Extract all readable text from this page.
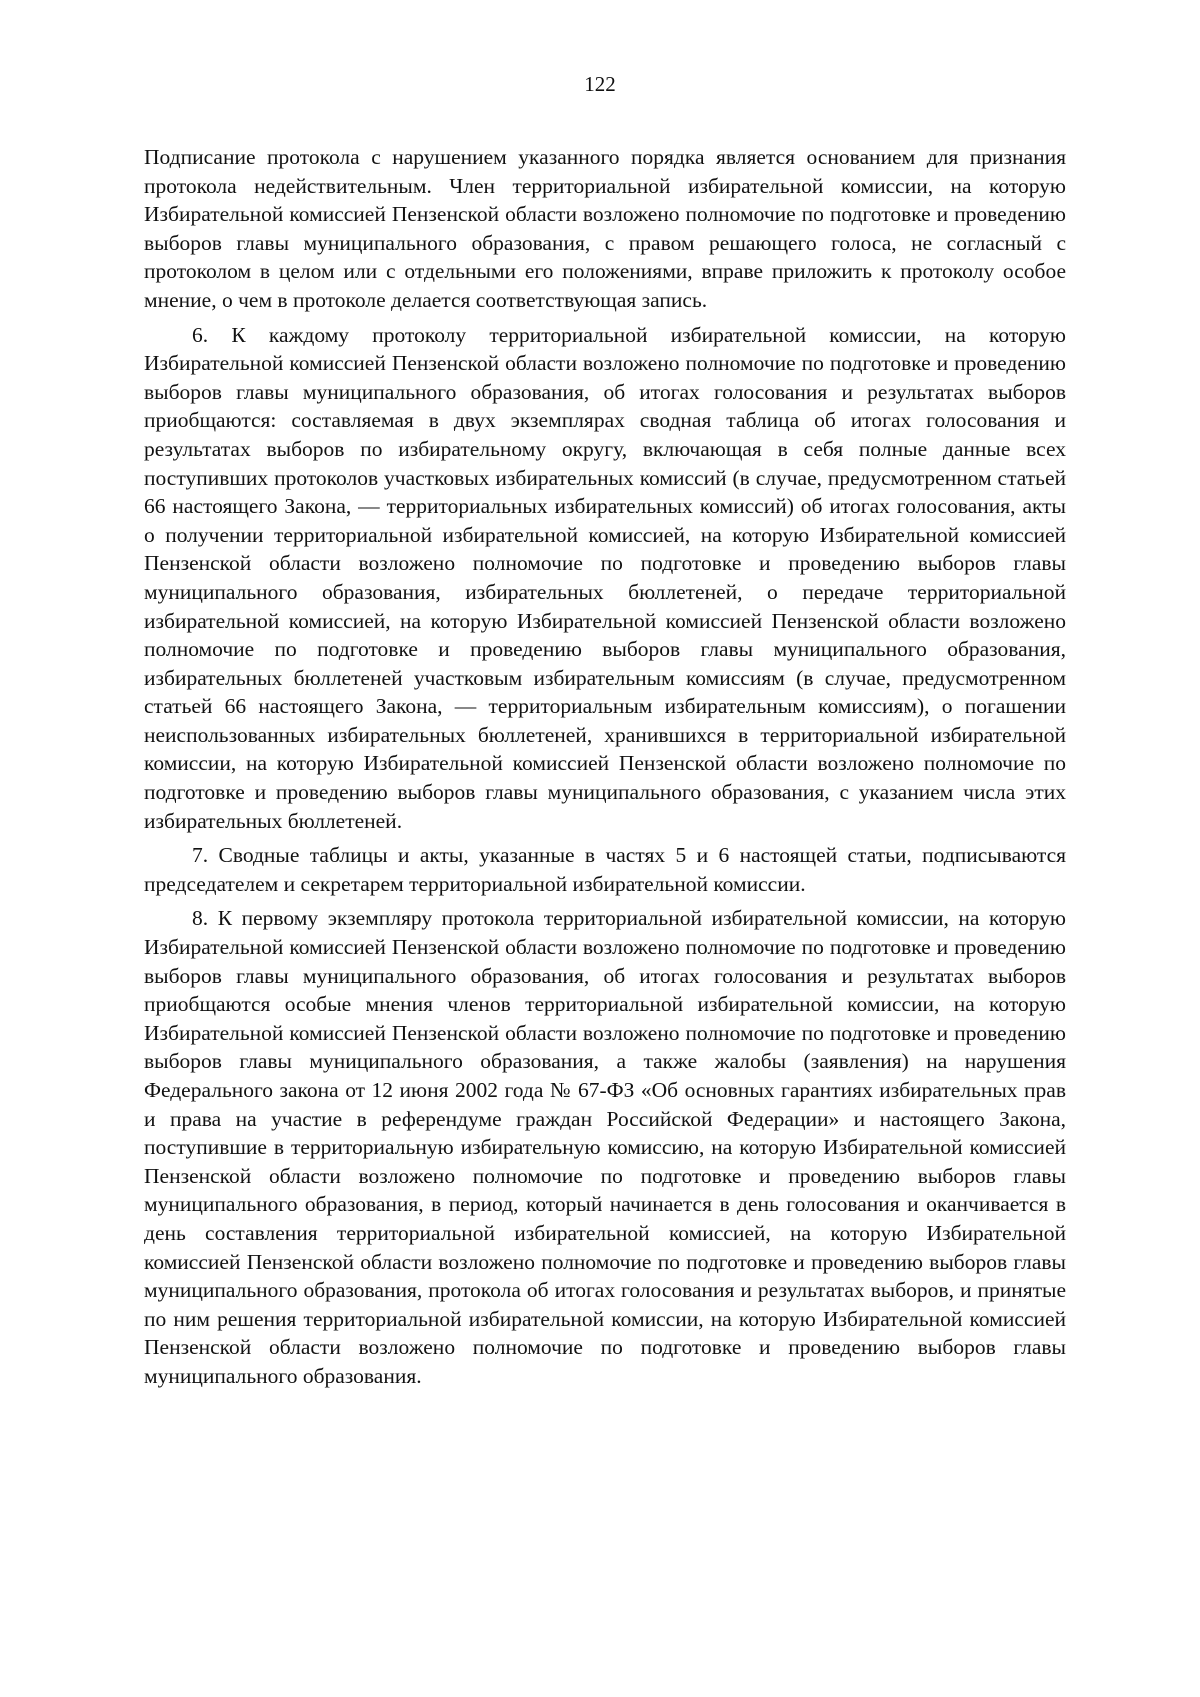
122

Подписание протокола с нарушением указанного порядка является основанием для признания протокола недействительным. Член территориальной избирательной комиссии, на которую Избирательной комиссией Пензенской области возложено полномочие по подготовке и проведению выборов главы муниципального образования, с правом решающего голоса, не согласный с протоколом в целом или с отдельными его положениями, вправе приложить к протоколу особое мнение, о чем в протоколе делается соответствующая запись.

6. К каждому протоколу территориальной избирательной комиссии, на которую Избирательной комиссией Пензенской области возложено полномочие по подготовке и проведению выборов главы муниципального образования, об итогах голосования и результатах выборов приобщаются: составляемая в двух экземплярах сводная таблица об итогах голосования и результатах выборов по избирательному округу, включающая в себя полные данные всех поступивших протоколов участковых избирательных комиссий (в случае, предусмотренном статьей 66 настоящего Закона, — территориальных избирательных комиссий) об итогах голосования, акты о получении территориальной избирательной комиссией, на которую Избирательной комиссией Пензенской области возложено полномочие по подготовке и проведению выборов главы муниципального образования, избирательных бюллетеней, о передаче территориальной избирательной комиссией, на которую Избирательной комиссией Пензенской области возложено полномочие по подготовке и проведению выборов главы муниципального образования, избирательных бюллетеней участковым избирательным комиссиям (в случае, предусмотренном статьей 66 настоящего Закона, — территориальным избирательным комиссиям), о погашении неиспользованных избирательных бюллетеней, хранившихся в территориальной избирательной комиссии, на которую Избирательной комиссией Пензенской области возложено полномочие по подготовке и проведению выборов главы муниципального образования, с указанием числа этих избирательных бюллетеней.

7. Сводные таблицы и акты, указанные в частях 5 и 6 настоящей статьи, подписываются председателем и секретарем территориальной избирательной комиссии.

8. К первому экземпляру протокола территориальной избирательной комиссии, на которую Избирательной комиссией Пензенской области возложено полномочие по подготовке и проведению выборов главы муниципального образования, об итогах голосования и результатах выборов приобщаются особые мнения членов территориальной избирательной комиссии, на которую Избирательной комиссией Пензенской области возложено полномочие по подготовке и проведению выборов главы муниципального образования, а также жалобы (заявления) на нарушения Федерального закона от 12 июня 2002 года № 67-ФЗ «Об основных гарантиях избирательных прав и права на участие в референдуме граждан Российской Федерации» и настоящего Закона, поступившие в территориальную избирательную комиссию, на которую Избирательной комиссией Пензенской области возложено полномочие по подготовке и проведению выборов главы муниципального образования, в период, который начинается в день голосования и оканчивается в день составления территориальной избирательной комиссией, на которую Избирательной комиссией Пензенской области возложено полномочие по подготовке и проведению выборов главы муниципального образования, протокола об итогах голосования и результатах выборов, и принятые по ним решения территориальной избирательной комиссии, на которую Избирательной комиссией Пензенской области возложено полномочие по подготовке и проведению выборов главы муниципального образования.
